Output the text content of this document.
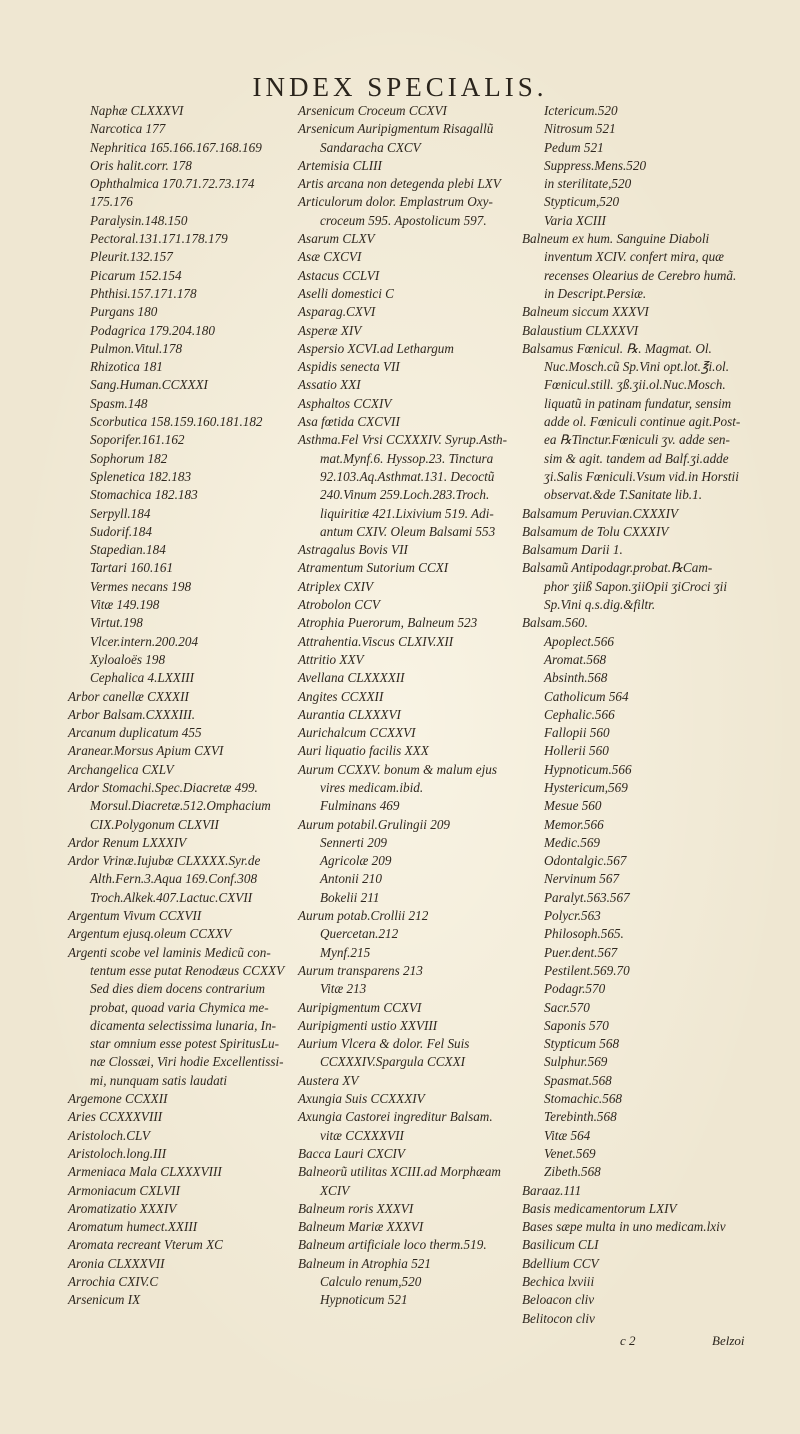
INDEX SPECIALIS.
Naphæ CLXXXVI
Narcotica 177
Nephritica 165.166.167.168.169
Oris halit.corr. 178
Ophthalmica 170.71.72.73.174
175.176
Paralysin.148.150
Pectoral.131.171.178.179
Pleurit.132.157
Picarum 152.154
Phthisi.157.171.178
Purgans 180
Podagrica 179.204.180
Pulmon.Vitul.178
Rhizotica 181
Sang.Human.CCXXXI
Spasm.148
Scorbutica 158.159.160.181.182
Soporifer.161.162
Sophorum 182
Splenetica 182.183
Stomachica 182.183
Serpyll.184
Sudorif.184
Stapedian.184
Tartari 160.161
Vermes necans 198
Vitæ 149.198
Virtut.198
Vlcer.intern.200.204
Xyloaloës 198
Cephalica 4.LXXIII
Arbor canellæ CXXXII
Arbor Balsam.CXXXIII.
Arcanum duplicatum 455
Aranear.Morsus Apium CXVI
Archangelica CXLV
Ardor Stomachi.Spec.Diacretæ 499.
Morsul.Diacretæ.512.Omphacium
CIX.Polygonum CLXVII
Ardor Renum LXXXIV
Ardor Vrinæ.Iujubæ CLXXXX.Syr.de
Alth.Fern.3.Aqua 169.Conf.308
Troch.Alkek.407.Lactuc.CXVII
Argentum Vivum CCXVII
Argentum ejusq.oleum CCXXV
Argenti scobe vel laminis Medicũ con-
tentum esse putat Renodæus CCXXV
Sed dies diem docens contrarium
probat, quoad varia Chymica me-
dicamenta selectissima lunaria, In-
star omnium esse potest SpiritusLu-
næ Clossæi, Viri hodie Excellentissi-
mi, nunquam satis laudati
Argemone CCXXII
Aries CCXXXVIII
Aristoloch.CLV
Aristoloch.long.III
Armeniaca Mala CLXXXVIII
Armoniacum CXLVII
Aromatizatio XXXIV
Aromatum humect.XXIII
Aromata recreant Vterum XC
Aronia CLXXXVII
Arrochia CXIV.C
Arsenicum IX
Arsenicum Croceum CCXVI
Arsenicum Auripigmentum Risagallũ
Sandaracha CXCV
Artemisia CLIII
Artis arcana non detegenda plebi LXV
Articulorum dolor. Emplastrum Oxy-
croceum 595. Apostolicum 597.
Asarum CLXV
Asæ CXCVI
Astacus CCLVI
Aselli domestici C
Asparag.CXVI
Asperæ XIV
Aspersio XCVI.ad Lethargum
Aspidis senecta VII
Assatio XXI
Asphaltos CCXIV
Asa fœtida CXCVII
Asthma.Fel Vrsi CCXXXIV. Syrup.Asth-
mat.Mynf.6. Hyssop.23. Tinctura
92.103.Aq.Asthmat.131. Decoctũ
240.Vinum 259.Loch.283.Troch.
liquiritiæ 421.Lixivium 519. Adi-
antum CXIV. Oleum Balsami 553
Astragalus Bovis VII
Atramentum Sutorium CCXI
Atriplex CXIV
Atrobolon CCV
Atrophia Puerorum, Balneum 523
Attrahentia.Viscus CLXIV.XII
Attritio XXV
Avellana CLXXXXII
Angites CCXXII
Aurantia CLXXXVI
Aurichalcum CCXXVI
Auri liquatio facilis XXX
Aurum CCXXV. bonum & malum ejus
vires medicam.ibid.
Fulminans 469
Aurum potabil.Grulingii 209
Sennerti 209
Agricolæ 209
Antonii 210
Bokelii 211
Aurum potab.Crollii 212
Quercetan.212
Mynf.215
Aurum transparens 213
Vitæ 213
Auripigmentum CCXVI
Auripigmenti ustio XXVIII
Aurium Vlcera & dolor. Fel Suis
CCXXXIV.Spargula CCXXI
Austera XV
Axungia Suis CCXXXIV
Axungia Castorei ingreditur Balsam.
vitæ CCXXXVII
Bacca Lauri CXCIV
Balneorũ utilitas XCIII.ad Morphæam
XCIV
Balneum roris XXXVI
Balneum Mariæ XXXVI
Balneum artificiale loco therm.519.
Balneum in Atrophia 521
Calculo renum,520
Hypnoticum 521
Ictericum.520
Nitrosum 521
Pedum 521
Suppress.Mens.520
in sterilitate,520
Stypticum,520
Varia XCIII
Balneum ex hum. Sanguine Diaboli
inventum XCIV. confert mira, quæ
recenses Olearius de Cerebro humã.
in Descript.Persiæ.
Balneum siccum XXXVI
Balaustium CLXXXVI
Balsamus Fœnicul. ℞. Magmat. Ol.
Nuc.Mosch.cũ Sp.Vini opt.lot.℥i.ol.
Fœnicul.still. ʒß.ʒii.ol.Nuc.Mosch.
liquatũ in patinam fundatur, sensim
adde ol. Fœniculi continue agit.Post-
ea ℞Tinctur.Fœniculi ʒv. adde sen-
sim & agit. tandem ad Balf.ʒi.adde
ʒi.Salis Fœniculi.Vsum vid.in Horstii
observat.&de T.Sanitate lib.1.
Balsamum Peruvian.CXXXIV
Balsamum de Tolu CXXXIV
Balsamum Darii 1.
Balsamũ Antipodagr.probat.℞Cam-
phor ʒiiß Sapon.ʒiiOpii ʒiCroci ʒii
Sp.Vini q.s.dig.&filtr.
Balsam.560.
Apoplect.566
Aromat.568
Absinth.568
Catholicum 564
Cephalic.566
Fallopii 560
Hollerii 560
Hypnoticum.566
Hystericum,569
Mesue 560
Memor.566
Medic.569
Odontalgic.567
Nervinum 567
Paralyt.563.567
Polycr.563
Philosoph.565.
Puer.dent.567
Pestilent.569.70
Podagr.570
Sacr.570
Saponis 570
Stypticum 568
Sulphur.569
Spasmat.568
Stomachic.568
Terebinth.568
Vitæ 564
Venet.569
Zibeth.568
Baraaz.111
Basis medicamentorum LXIV
Bases sæpe multa in uno medicam.lxiv
Basilicum CLI
Bdellium CCV
Bechica lxviii
Beloacon cliv
Belitocon cliv
c 2	Belzoi
